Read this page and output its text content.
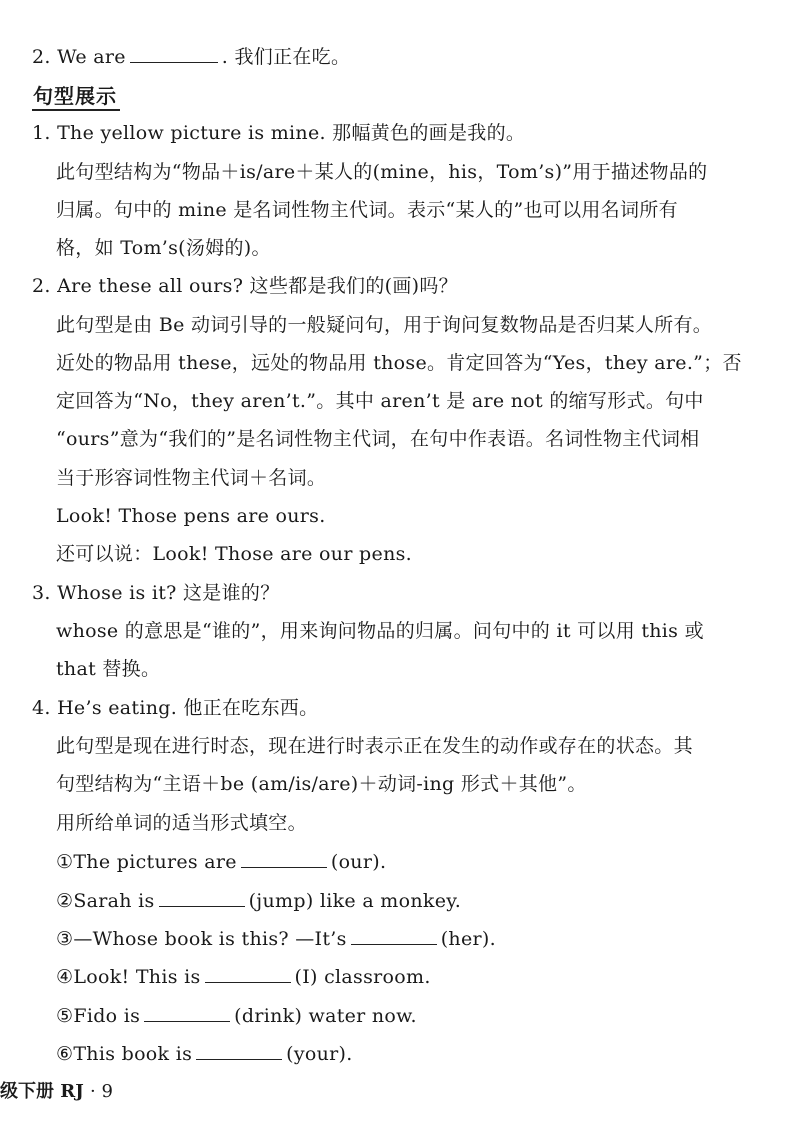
2. We are	. 我们正在吃。
句型展示
1. The yellow picture is mine. 那幅黄色的画是我的。
此句型结构为“物品＋is/are＋某人的(mine，his，Tom’s)”用于描述物品的
归属。句中的 mine 是名词性物主代词。表示“某人的”也可以用名词所有
格，如 Tom’s(汤姆的)。
2. Are these all ours? 这些都是我们的(画)吗？
此句型是由 Be 动词引导的一般疑问句，用于询问复数物品是否归某人所有。
近处的物品用 these，远处的物品用 those。肯定回答为“Yes，they are.”；否
定回答为“No，they aren’t.”。其中 aren’t 是 are not 的缩写形式。句中
“ours”意为“我们的”是名词性物主代词，在句中作表语。名词性物主代词相
当于形容词性物主代词＋名词。
Look! Those pens are ours.
还可以说：Look! Those are our pens.
3. Whose is it? 这是谁的？
whose 的意思是“谁的”，用来询问物品的归属。问句中的 it 可以用 this 或
that 替换。
4. He’s eating. 他正在吃东西。
此句型是现在进行时态，现在进行时表示正在发生的动作或存在的状态。其
句型结构为“主语＋be (am/is/are)＋动词-ing 形式＋其他”。
用所给单词的适当形式填空。
①The pictures are	(our).
②Sarah is	(jump) like a monkey.
③—Whose book is this? —It’s	(her).
④Look! This is	(I) classroom.
⑤Fido is	(drink) water now.
⑥This book is	(your).
级下册 RJ · 9
